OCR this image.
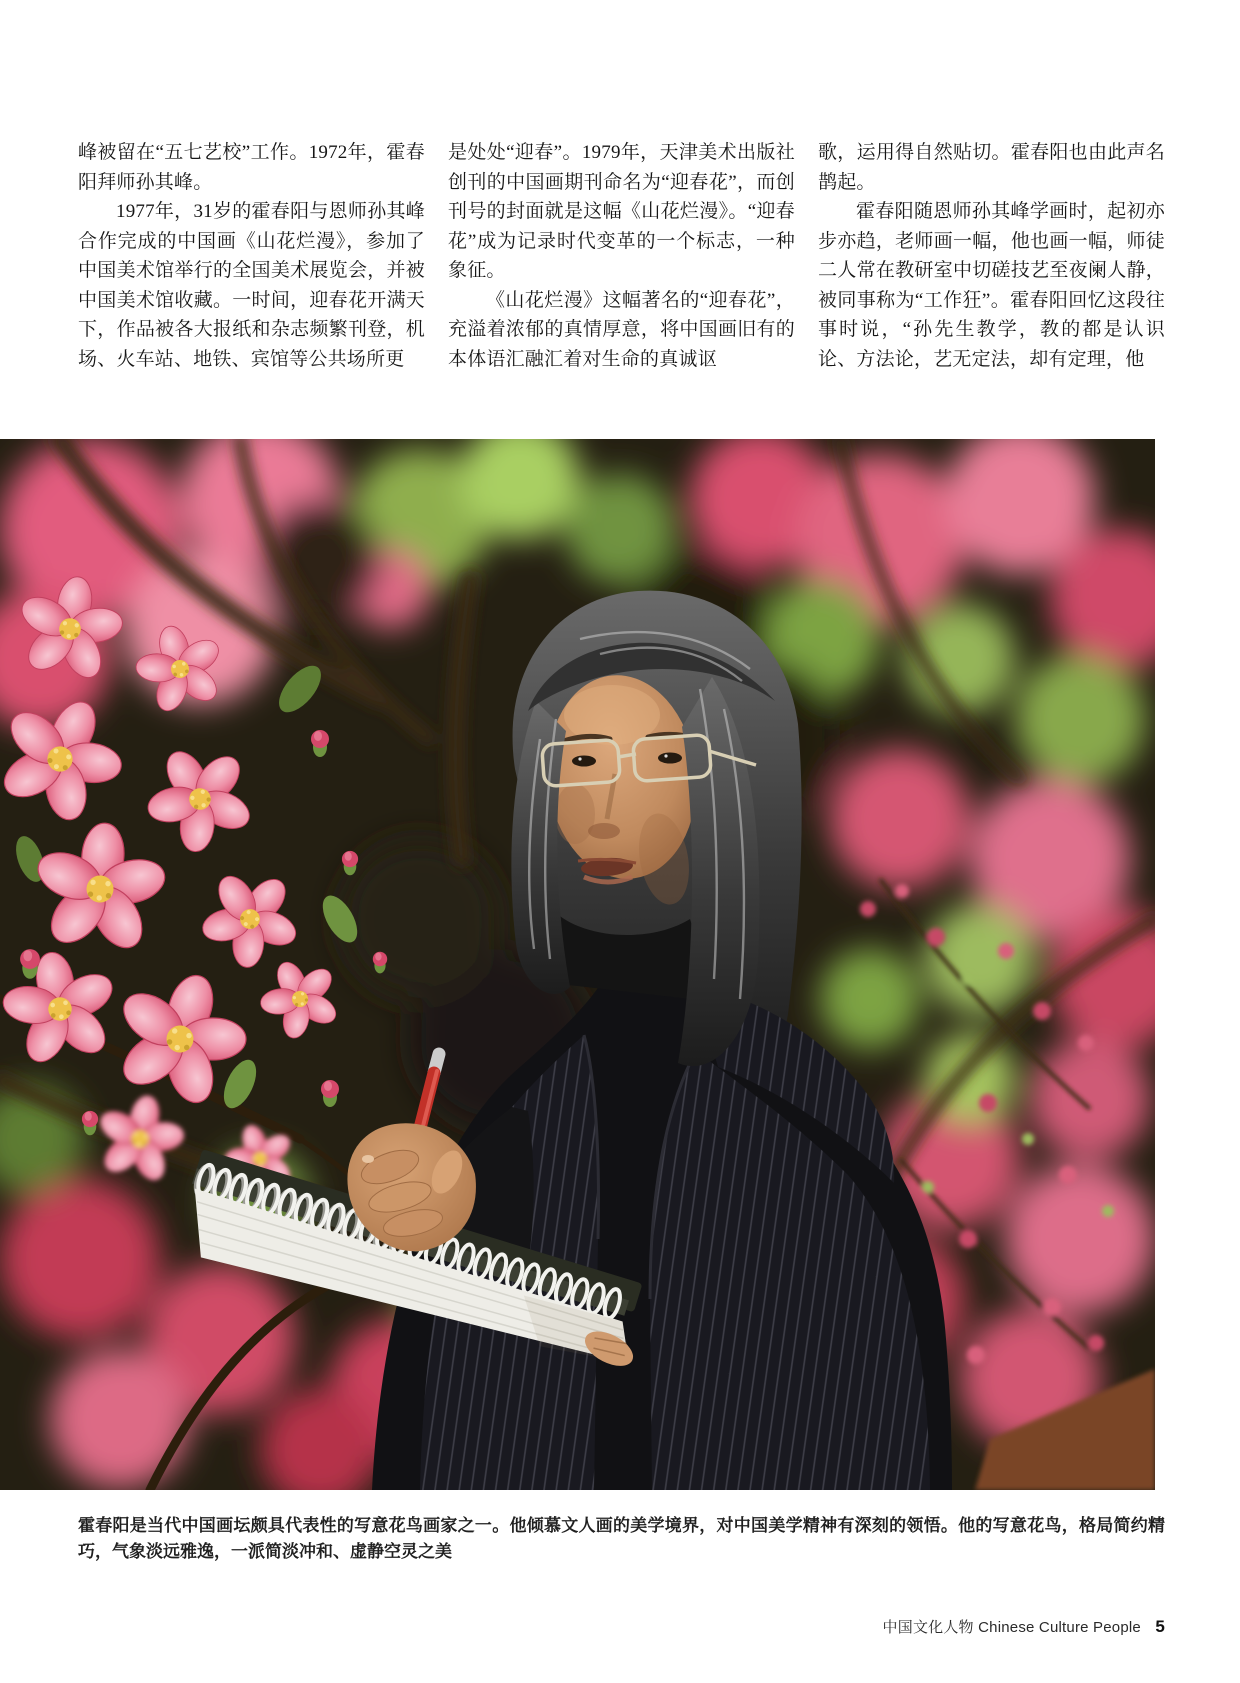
峰被留在“五七艺校”工作。1972年，霍春阳拜师孙其峰。

1977年，31岁的霍春阳与恩师孙其峰合作完成的中国画《山花烂漫》，参加了中国美术馆举行的全国美术展览会，并被中国美术馆收藏。一时间，迎春花开满天下，作品被各大报纸和杂志频繁刊登，机场、火车站、地铁、宾馆等公共场所更

是处处“迎春”。1979年，天津美术出版社创刊的中国画期刊命名为“迎春花”，而创刊号的封面就是这幅《山花烂漫》。“迎春花”成为记录时代变革的一个标志，一种象征。

《山花烂漫》这幅著名的“迎春花”，充溢着浓郁的真情厚意，将中国画旧有的本体语汇融汇着对生命的真诚讴

歌，运用得自然贴切。霍春阳也由此声名鹊起。

霍春阳随恩师孙其峰学画时，起初亦步亦趋，老师画一幅，他也画一幅，师徒二人常在教研室中切磋技艺至夜阑人静，被同事称为“工作狂”。霍春阳回忆这段往事时说，“孙先生教学，教的都是认识论、方法论，艺无定法，却有定理，他

霍春阳是当代中国画坛颇具代表性的写意花鸟画家之一。他倾慕文人画的美学境界，对中国美学精神有深刻的领悟。他的写意花鸟，格局简约精巧，气象淡远雅逸，一派简淡冲和、虚静空灵之美

中国文化人物 Chinese Culture People 5
